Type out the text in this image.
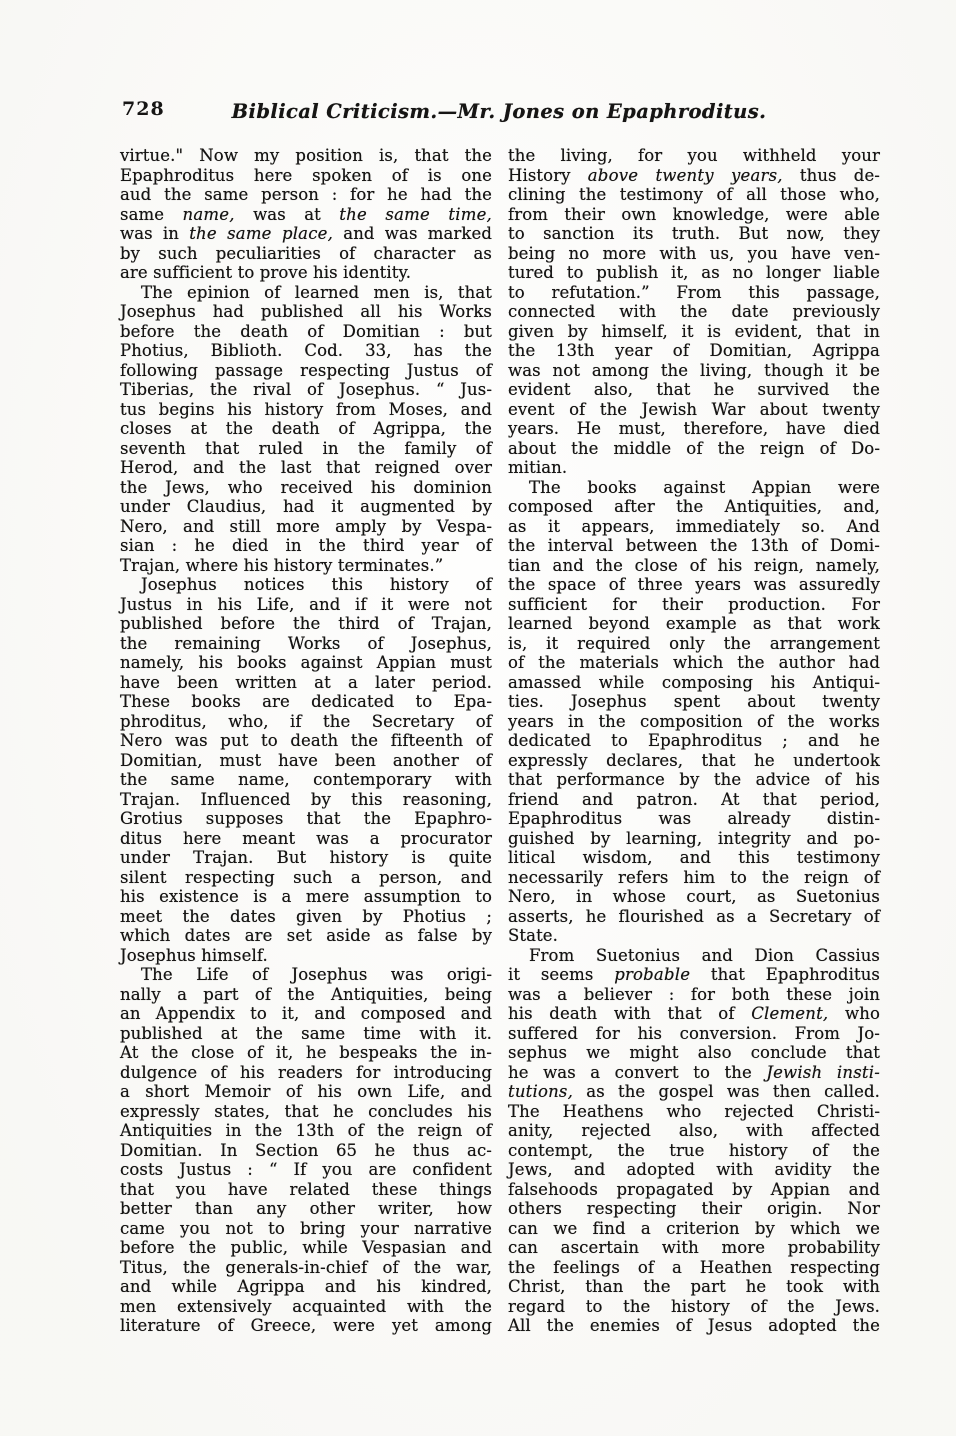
728	Biblical Criticism.—Mr. Jones on Epaphroditus.
virtue." Now my position is, that the
Epaphroditus here spoken of is one
aud the same person : for he had the
same name, was at the same time,
was in the same place, and was marked
by such peculiarities of character as
are sufficient to prove his identity.
The epinion of learned men is, that
Josephus had published all his Works
before the death of Domitian : but
Photius, Biblioth. Cod. 33, has the
following passage respecting Justus of
Tiberias, the rival of Josephus. “ Jus-
tus begins his history from Moses, and
closes at the death of Agrippa, the
seventh that ruled in the family of
Herod, and the last that reigned over
the Jews, who received his dominion
under Claudius, had it augmented by
Nero, and still more amply by Vespa-
sian : he died in the third year of
Trajan, where his history terminates.”
Josephus notices this history of
Justus in his Life, and if it were not
published before the third of Trajan,
the remaining Works of Josephus,
namely, his books against Appian must
have been written at a later period.
These books are dedicated to Epa-
phroditus, who, if the Secretary of
Nero was put to death the fifteenth of
Domitian, must have been another of
the same name, contemporary with
Trajan. Influenced by this reasoning,
Grotius supposes that the Epaphro-
ditus here meant was a procurator
under Trajan. But history is quite
silent respecting such a person, and
his existence is a mere assumption to
meet the dates given by Photius ;
which dates are set aside as false by
Josephus himself.
The Life of Josephus was origi-
nally a part of the Antiquities, being
an Appendix to it, and composed and
published at the same time with it.
At the close of it, he bespeaks the in-
dulgence of his readers for introducing
a short Memoir of his own Life, and
expressly states, that he concludes his
Antiquities in the 13th of the reign of
Domitian. In Section 65 he thus ac-
costs Justus : “ If you are confident
that you have related these things
better than any other writer, how
came you not to bring your narrative
before the public, while Vespasian and
Titus, the generals-in-chief of the war,
and while Agrippa and his kindred,
men extensively acquainted with the
literature of Greece, were yet among
the living, for you withheld your
History above twenty years, thus de-
clining the testimony of all those who,
from their own knowledge, were able
to sanction its truth. But now, they
being no more with us, you have ven-
tured to publish it, as no longer liable
to refutation.” From this passage,
connected with the date previously
given by himself, it is evident, that in
the 13th year of Domitian, Agrippa
was not among the living, though it be
evident also, that he survived the
event of the Jewish War about twenty
years. He must, therefore, have died
about the middle of the reign of Do-
mitian.
The books against Appian were
composed after the Antiquities, and,
as it appears, immediately so. And
the interval between the 13th of Domi-
tian and the close of his reign, namely,
the space of three years was assuredly
sufficient for their production. For
learned beyond example as that work
is, it required only the arrangement
of the materials which the author had
amassed while composing his Antiqui-
ties. Josephus spent about twenty
years in the composition of the works
dedicated to Epaphroditus ; and he
expressly declares, that he undertook
that performance by the advice of his
friend and patron. At that period,
Epaphroditus was already distin-
guished by learning, integrity and po-
litical wisdom, and this testimony
necessarily refers him to the reign of
Nero, in whose court, as Suetonius
asserts, he flourished as a Secretary of
State.
From Suetonius and Dion Cassius
it seems probable that Epaphroditus
was a believer : for both these join
his death with that of Clement, who
suffered for his conversion. From Jo-
sephus we might also conclude that
he was a convert to the Jewish insti-
tutions, as the gospel was then called.
The Heathens who rejected Christi-
anity, rejected also, with affected
contempt, the true history of the
Jews, and adopted with avidity the
falsehoods propagated by Appian and
others respecting their origin. Nor
can we find a criterion by which we
can ascertain with more probability
the feelings of a Heathen respecting
Christ, than the part he took with
regard to the history of the Jews.
All the enemies of Jesus adopted the
